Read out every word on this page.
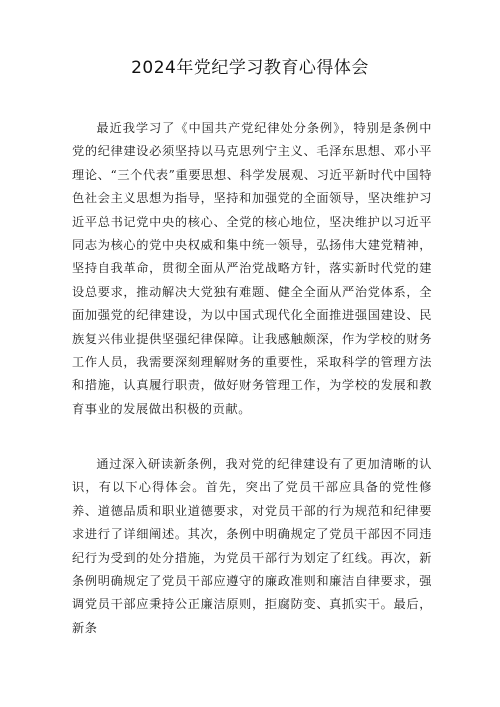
2024年党纪学习教育心得体会

最近我学习了《中国共产党纪律处分条例》，特别是条例中党的纪律建设必须坚持以马克思列宁主义、毛泽东思想、邓小平理论、“三个代表”重要思想、科学发展观、习近平新时代中国特色社会主义思想为指导，坚持和加强党的全面领导，坚决维护习近平总书记党中央的核心、全党的核心地位，坚决维护以习近平同志为核心的党中央权威和集中统一领导，弘扬伟大建党精神，坚持自我革命，贯彻全面从严治党战略方针，落实新时代党的建设总要求，推动解决大党独有难题、健全全面从严治党体系，全面加强党的纪律建设，为以中国式现代化全面推进强国建设、民族复兴伟业提供坚强纪律保障。让我感触颇深，作为学校的财务工作人员，我需要深刻理解财务的重要性，采取科学的管理方法和措施，认真履行职责，做好财务管理工作，为学校的发展和教育事业的发展做出积极的贡献。

通过深入研读新条例，我对党的纪律建设有了更加清晰的认识，有以下心得体会。首先，突出了党员干部应具备的党性修养、道德品质和职业道德要求，对党员干部的行为规范和纪律要求进行了详细阐述。其次，条例中明确规定了党员干部因不同违纪行为受到的处分措施，为党员干部行为划定了红线。再次，新条例明确规定了党员干部应遵守的廉政准则和廉洁自律要求，强调党员干部应秉持公正廉洁原则，拒腐防变、真抓实干。最后，新条
